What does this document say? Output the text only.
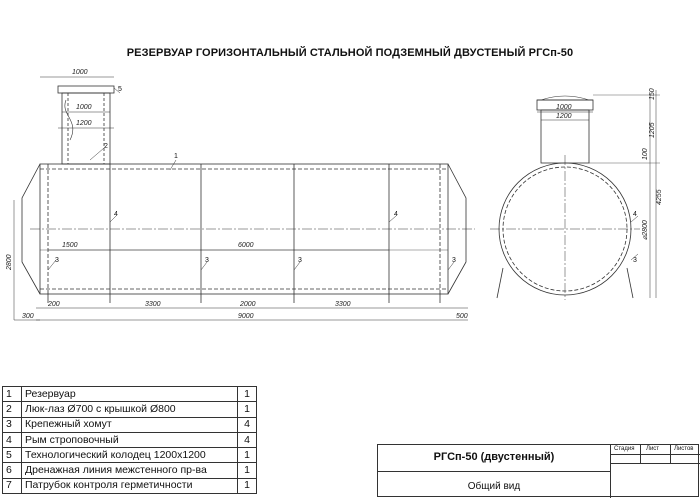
РЕЗЕРВУАР ГОРИЗОНТАЛЬНЫЙ СТАЛЬНОЙ ПОДЗЕМНЫЙ ДВУСТЕНЫЙ РГСп-50
1000
1000
1200
1500	6000
200	3300	2000	3300
9000
300	500
2800
1000
1200
150
1205
100
4255
⌀2800
1
2
3	3	3	3	3
4	4	4
5
1	Резервуар	1
2	Люк-лаз Ø700 с крышкой Ø800	1
3	Крепежный хомут	4
4	Рым строповочный	4
5	Технологический колодец 1200х1200	1
6	Дренажная линия межстенного пр-ва	1
7	Патрубок контроля герметичности	1
РГСп-50 (двустенный)
Общий вид
Стадия Лист Листов
